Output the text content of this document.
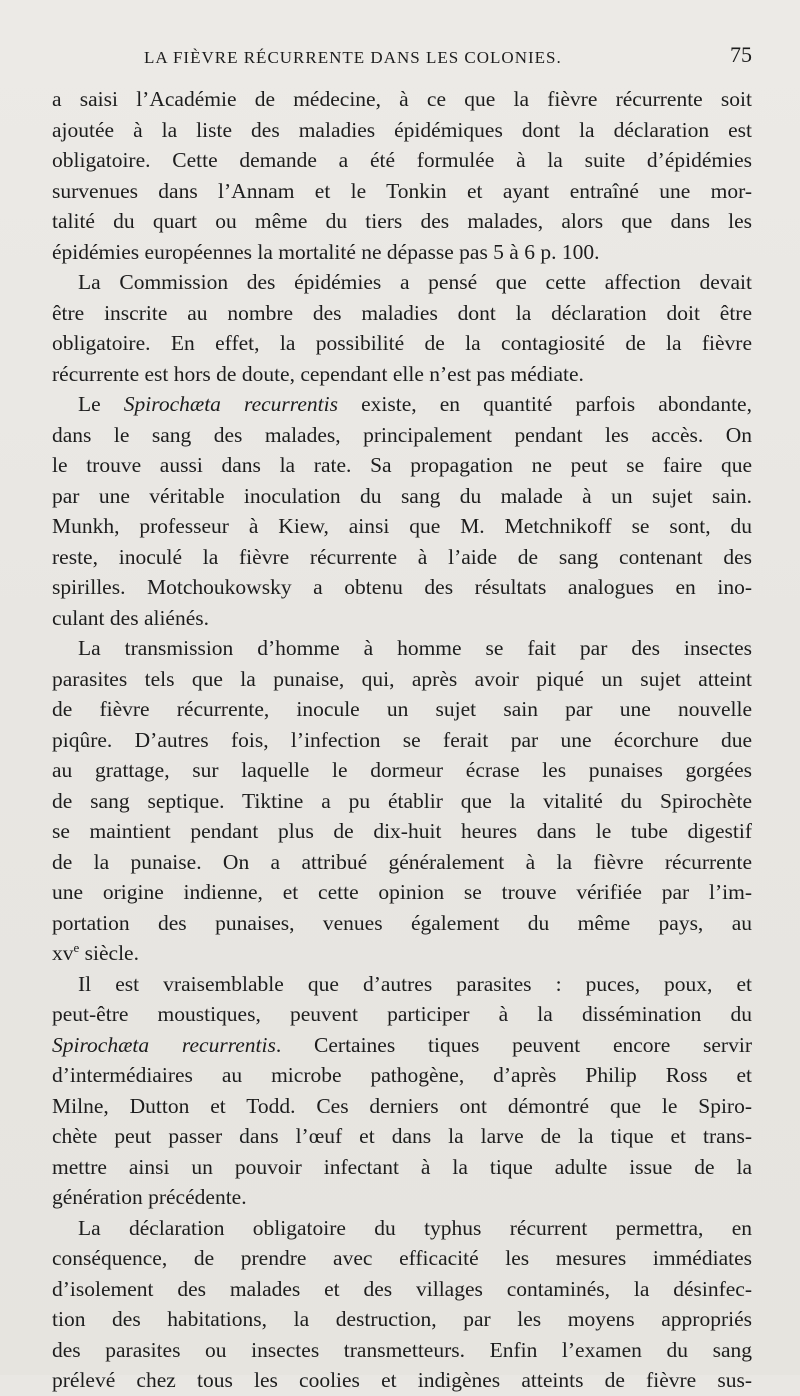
LA FIÈVRE RÉCURRENTE DANS LES COLONIES.	75
a saisi l’Académie de médecine, à ce que la fièvre récurrente soit
ajoutée à la liste des maladies épidémiques dont la déclaration est
obligatoire. Cette demande a été formulée à la suite d’épidémies
survenues dans l’Annam et le Tonkin et ayant entraîné une mor-
talité du quart ou même du tiers des malades, alors que dans les
épidémies européennes la mortalité ne dépasse pas 5 à 6 p. 100.
La Commission des épidémies a pensé que cette affection devait
être inscrite au nombre des maladies dont la déclaration doit être
obligatoire. En effet, la possibilité de la contagiosité de la fièvre
récurrente est hors de doute, cependant elle n’est pas médiate.
Le Spirochæta recurrentis existe, en quantité parfois abondante,
dans le sang des malades, principalement pendant les accès. On
le trouve aussi dans la rate. Sa propagation ne peut se faire que
par une véritable inoculation du sang du malade à un sujet sain.
Munkh, professeur à Kiew, ainsi que M. Metchnikoff se sont, du
reste, inoculé la fièvre récurrente à l’aide de sang contenant des
spirilles. Motchoukowsky a obtenu des résultats analogues en ino-
culant des aliénés.
La transmission d’homme à homme se fait par des insectes
parasites tels que la punaise, qui, après avoir piqué un sujet atteint
de fièvre récurrente, inocule un sujet sain par une nouvelle
piqûre. D’autres fois, l’infection se ferait par une écorchure due
au grattage, sur laquelle le dormeur écrase les punaises gorgées
de sang septique. Tiktine a pu établir que la vitalité du Spirochète
se maintient pendant plus de dix-huit heures dans le tube digestif
de la punaise. On a attribué généralement à la fièvre récurrente
une origine indienne, et cette opinion se trouve vérifiée par l’im-
portation des punaises, venues également du même pays, au
$xv^e$ siècle.
Il est vraisemblable que d’autres parasites : puces, poux, et
peut-être moustiques, peuvent participer à la dissémination du
Spirochæta recurrentis. Certaines tiques peuvent encore servir
d’intermédiaires au microbe pathogène, d’après Philip Ross et
Milne, Dutton et Todd. Ces derniers ont démontré que le Spiro-
chète peut passer dans l’œuf et dans la larve de la tique et trans-
mettre ainsi un pouvoir infectant à la tique adulte issue de la
génération précédente.
La déclaration obligatoire du typhus récurrent permettra, en
conséquence, de prendre avec efficacité les mesures immédiates
d’isolement des malades et des villages contaminés, la désinfec-
tion des habitations, la destruction, par les moyens appropriés
des parasites ou insectes transmetteurs. Enfin l’examen du sang
prélevé chez tous les coolies et indigènes atteints de fièvre sus-
